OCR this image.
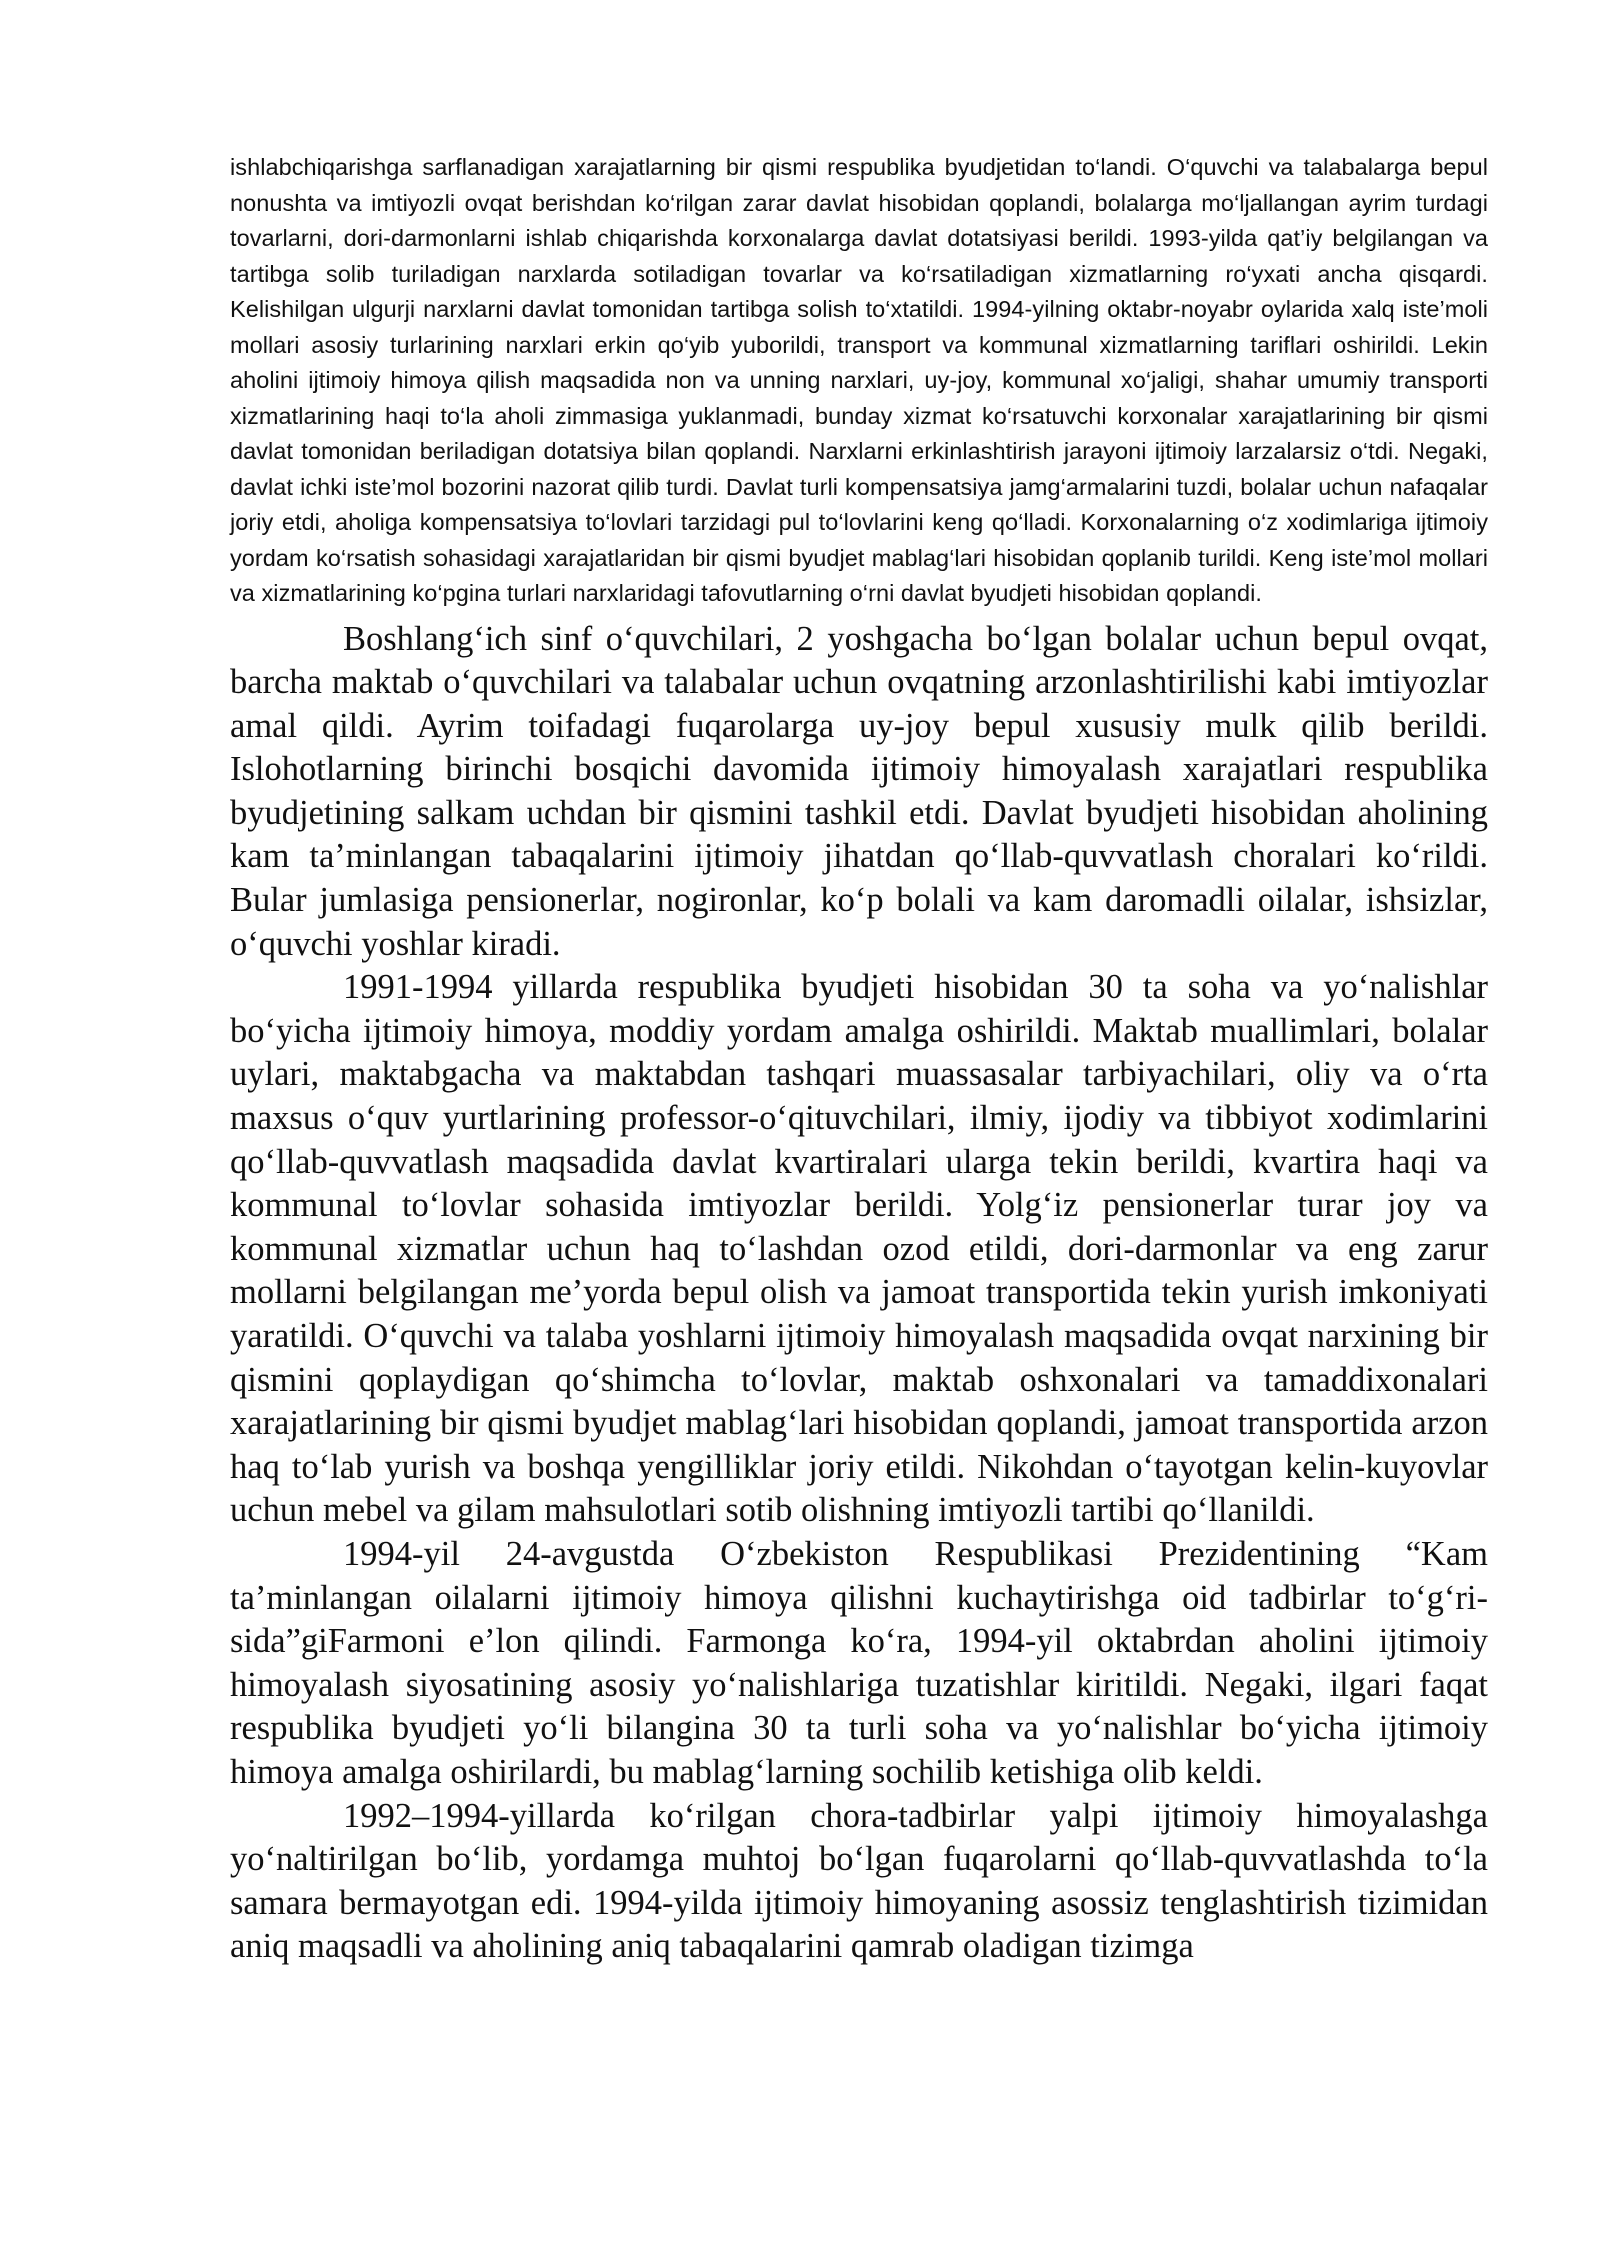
ishlabchiqarishga sarflanadigan xarajatlarning bir qismi respublika byudjetidan to‘landi. O‘quvchi va talabalarga bepul nonushta va imtiyozli ovqat berishdan ko‘rilgan zarar davlat hisobidan qoplandi, bolalarga mo‘ljallangan ayrim turdagi tovarlarni, dori-darmonlarni ishlab chiqarishda korxonalarga davlat dotatsiyasi berildi. 1993-yilda qat’iy belgilangan va tartibga solib turiladigan narxlarda sotiladigan tovarlar va ko‘rsatiladigan xizmatlarning ro‘yxati ancha qisqardi. Kelishilgan ulgurji narxlarni davlat tomonidan tartibga solish to‘xtatildi. 1994-yilning oktabr-noyabr oylarida xalq iste’moli mollari asosiy turlarining narxlari erkin qo‘yib yuborildi, transport va kommunal xizmatlarning tariflari oshirildi. Lekin aholini ijtimoiy himoya qilish maqsadida non va unning narxlari, uy-joy, kommunal xo‘jaligi, shahar umumiy transporti xizmatlarining haqi to‘la aholi zimmasiga yuklanmadi, bunday xizmat ko‘rsatuvchi korxonalar xarajatlarining bir qismi davlat tomonidan beriladigan dotatsiya bilan qoplandi. Narxlarni erkinlashtirish jarayoni ijtimoiy larzalarsiz o‘tdi. Negaki, davlat ichki iste’mol bozorini nazorat qilib turdi. Davlat turli kompensatsiya jamg‘armalarini tuzdi, bolalar uchun nafaqalar joriy etdi, aholiga kompensatsiya to‘lovlari tarzidagi pul to‘lovlarini keng qo‘lladi. Korxonalarning o‘z xodimlariga ijtimoiy yordam ko‘rsatish sohasidagi xarajatlaridan bir qismi byudjet mablag‘lari hisobidan qoplanib turildi. Keng iste’mol mollari va xizmatlarining ko‘pgina turlari narxlaridagi tafovutlarning o‘rni davlat byudjeti hisobidan qoplandi.

Boshlang‘ich sinf o‘quvchilari, 2 yoshgacha bo‘lgan bolalar uchun bepul ovqat, barcha maktab o‘quvchilari va talabalar uchun ovqatning arzonlashtirilishi kabi imtiyozlar amal qildi. Ayrim toifadagi fuqarolarga uy-joy bepul xususiy mulk qilib berildi. Islohotlarning birinchi bosqichi davomida ijtimoiy himoyalash xarajatlari respublika byudjetining salkam uchdan bir qismini tashkil etdi. Davlat byudjeti hisobidan aholining kam ta’minlangan tabaqalarini ijtimoiy jihatdan qo‘llab-quvvatlash choralari ko‘rildi. Bular jumlasiga pensionerlar, nogironlar, ko‘p bolali va kam daromadli oilalar, ishsizlar, o‘quvchi yoshlar kiradi.

1991-1994 yillarda respublika byudjeti hisobidan 30 ta soha va yo‘nalishlar bo‘yicha ijtimoiy himoya, moddiy yordam amalga oshirildi. Maktab muallimlari, bolalar uylari, maktabgacha va maktabdan tashqari muassasalar tarbiyachilari, oliy va o‘rta maxsus o‘quv yurtlarining professor-o‘qituvchilari, ilmiy, ijodiy va tibbiyot xodimlarini qo‘llab-quvvatlash maqsadida davlat kvartiralari ularga tekin berildi, kvartira haqi va kommunal to‘lovlar sohasida imtiyozlar berildi. Yolg‘iz pensionerlar turar joy va kommunal xizmatlar uchun haq to‘lashdan ozod etildi, dori-darmonlar va eng zarur mollarni belgilangan me’yorda bepul olish va jamoat transportida tekin yurish imkoniyati yaratildi. O‘quvchi va talaba yoshlarni ijtimoiy himoyalash maqsadida ovqat narxining bir qismini qoplaydigan qo‘shimcha to‘lovlar, maktab oshxonalari va tamaddixonalari xarajatlarining bir qismi byudjet mablag‘lari hisobidan qoplandi, jamoat transportida arzon haq to‘lab yurish va boshqa yengilliklar joriy etildi. Nikohdan o‘tayotgan kelin-kuyovlar uchun mebel va gilam mahsulotlari sotib olishning imtiyozli tartibi qo‘llanildi.

1994-yil 24-avgustda O‘zbekiston Respublikasi Prezidentining “Kam ta’minlangan oilalarni ijtimoiy himoya qilishni kuchaytirishga oid tadbirlar to‘g‘risida”giFarmoni e’lon qilindi. Farmonga ko‘ra, 1994-yil oktabrdan aholini ijtimoiy himoyalash siyosatining asosiy yo‘nalishlariga tuzatishlar kiritildi. Negaki, ilgari faqat respublika byudjeti yo‘li bilangina 30 ta turli soha va yo‘nalishlar bo‘yicha ijtimoiy himoya amalga oshirilardi, bu mablag‘larning sochilib ketishiga olib keldi.

1992–1994-yillarda ko‘rilgan chora-tadbirlar yalpi ijtimoiy himoyalashga yo‘naltirilgan bo‘lib, yordamga muhtoj bo‘lgan fuqarolarni qo‘llab-quvvatlashda to‘la samara bermayotgan edi. 1994-yilda ijtimoiy himoyaning asossiz tenglashtirish tizimidan aniq maqsadli va aholining aniq tabaqalarini qamrab oladigan tizimga
